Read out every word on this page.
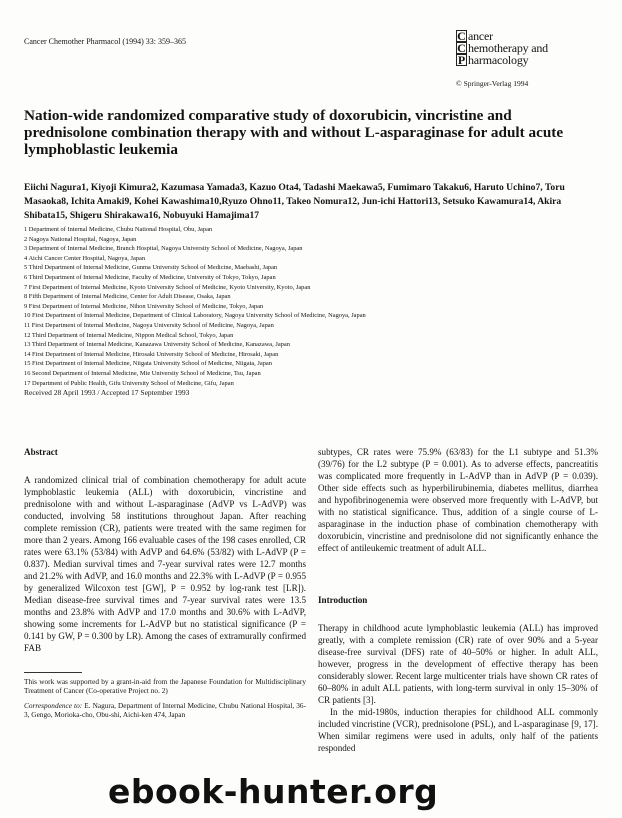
Cancer Chemother Pharmacol (1994) 33: 359–365	C ancer
C hemotherapy and
P harmacology
© Springer-Verlag 1994
Nation-wide randomized comparative study of doxorubicin, vincristine and prednisolone combination therapy with and without L-asparaginase for adult acute lymphoblastic leukemia
Eiichi Nagura1, Kiyoji Kimura2, Kazumasa Yamada3, Kazuo Ota4, Tadashi Maekawa5, Fumimaro Takaku6, Haruto Uchino7, Toru Masaoka8, Ichita Amaki9, Kohei Kawashima10,Ryuzo Ohno11, Takeo Nomura12, Jun-ichi Hattori13, Setsuko Kawamura14, Akira Shibata15, Shigeru Shirakawa16, Nobuyuki Hamajima17
1 Department of Internal Medicine, Chubu National Hospital, Obu, Japan
2 Nagoya National Hospital, Nagoya, Japan
3 Department of Internal Medicine, Branch Hospital, Nagoya University School of Medicine, Nagoya, Japan
4 Aichi Cancer Center Hospital, Nagoya, Japan
5 Third Department of Internal Medicine, Gunma University School of Medicine, Maebashi, Japan
6 Third Department of Internal Medicine, Faculty of Medicine, University of Tokyo, Tokyo, Japan
7 First Department of Internal Medicine, Kyoto University School of Medicine, Kyoto University, Kyoto, Japan
8 Fifth Department of Internal Medicine, Center for Adult Disease, Osaka, Japan
9 First Department of Internal Medicine, Nihon University School of Medicine, Tokyo, Japan
10 First Department of Internal Medicine, Department of Clinical Laboratory, Nagoya University School of Medicine, Nagoya, Japan
11 First Department of Internal Medicine, Nagoya University School of Medicine, Nagoya, Japan
12 Third Department of Internal Medicine, Nippon Medical School, Tokyo, Japan
13 Third Department of Internal Medicine, Kanazawa University School of Medicine, Kanazawa, Japan
14 First Department of Internal Medicine, Hirosaki University School of Medicine, Hirosaki, Japan
15 First Department of Internal Medicine, Niigata University School of Medicine, Niigata, Japan
16 Second Department of Internal Medicine, Mie University School of Medicine, Tsu, Japan
17 Department of Public Health, Gifu University School of Medicine, Gifu, Japan
Received 28 April 1993 / Accepted 17 September 1993
Abstract

A randomized clinical trial of combination chemotherapy for adult acute lymphoblastic leukemia (ALL) with doxorubicin, vincristine and prednisolone with and without L-asparaginase (AdVP vs L-AdVP) was conducted, involving 58 institutions throughout Japan. After reaching complete remission (CR), patients were treated with the same regimen for more than 2 years. Among 166 evaluable cases of the 198 cases enrolled, CR rates were 63.1% (53/84) with AdVP and 64.6% (53/82) with L-AdVP (P = 0.837). Median survival times and 7-year survival rates were 12.7 months and 21.2% with AdVP, and 16.0 months and 22.3% with L-AdVP (P = 0.955 by generalized Wilcoxon test [GW], P = 0.952 by log-rank test [LR]). Median disease-free survival times and 7-year survival rates were 13.5 months and 23.8% with AdVP and 17.0 months and 30.6% with L-AdVP, showing some increments for L-AdVP but no statistical significance (P = 0.141 by GW, P = 0.300 by LR). Among the cases of extramurally confirmed FAB

This work was supported by a grant-in-aid from the Japanese Foundation for Multidisciplinary Treatment of Cancer (Co-operative Project no. 2)

Correspondence to: E. Nagura, Department of Internal Medicine, Chubu National Hospital, 36-3, Gengo, Morioka-cho, Obu-shi, Aichi-ken 474, Japan

subtypes, CR rates were 75.9% (63/83) for the L1 subtype and 51.3% (39/76) for the L2 subtype (P = 0.001). As to adverse effects, pancreatitis was complicated more frequently in L-AdVP than in AdVP (P = 0.039). Other side effects such as hyperbilirubinemia, diabetes mellitus, diarrhea and hypofibrinogenemia were observed more frequently with L-AdVP, but with no statistical significance. Thus, addition of a single course of L-asparaginase in the induction phase of combination chemotherapy with doxorubicin, vincristine and prednisolone did not significantly enhance the effect of antileukemic treatment of adult ALL.

Introduction

Therapy in childhood acute lymphoblastic leukemia (ALL) has improved greatly, with a complete remission (CR) rate of over 90% and a 5-year disease-free survival (DFS) rate of 40–50% or higher. In adult ALL, however, progress in the development of effective therapy has been considerably slower. Recent large multicenter trials have shown CR rates of 60–80% in adult ALL patients, with long-term survival in only 15–30% of CR patients [3].

In the mid-1980s, induction therapies for childhood ALL commonly included vincristine (VCR), prednisolone (PSL), and L-asparaginase [9, 17]. When similar regimens were used in adults, only half of the patients responded

ebook-hunter.org
